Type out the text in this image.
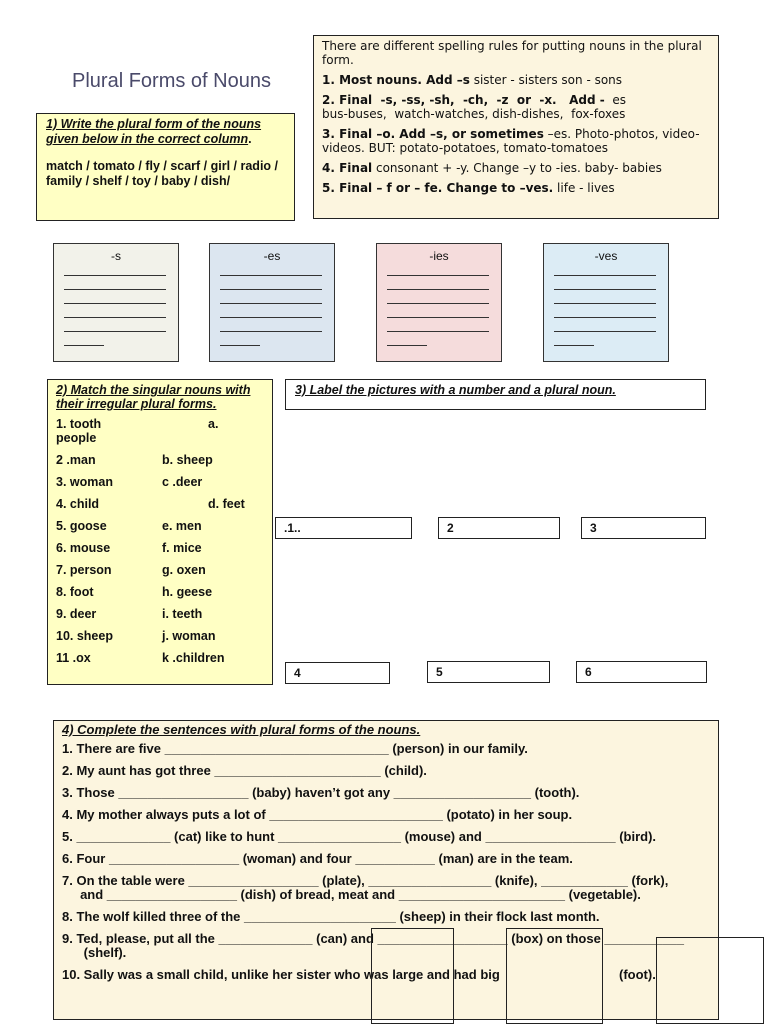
Plural Forms of Nouns

There are different spelling rules for putting nouns in the plural form.

1. Most nouns. Add –s sister - sisters son - sons

2. Final  -s, -ss, -sh,  -ch,  -z  or  -x.   Add -  es
bus-buses,  watch-watches, dish-dishes,  fox-foxes

3. Final –o. Add –s, or sometimes –es. Photo-photos, video-videos. BUT: potato-potatoes, tomato-tomatoes

4. Final consonant + -y. Change –y to -ies. baby- babies

5. Final – f or – fe. Change to –ves. life - lives

1) Write the plural form of the nouns given below in the correct column.
match / tomato / fly / scarf / girl / radio / family / shelf / toy / baby / dish/
-s	-es	-ies	-ves
2) Match the singular nouns with their irregular plural forms.
1. tooth	a.
people
2 .man	b. sheep
3. woman	c .deer
4. child	d. feet
5. goose	e. men
6. mouse	f. mice
7. person	g. oxen
8. foot	h. geese
9. deer	i. teeth
10. sheep	j. woman
11 .ox	k .children
3) Label the pictures with a number and a plural noun.
.1..	2	3
4	5	6
4) Complete the sentences with plural forms of the nouns.
1. There are five _______________________________ (person) in our family.
2. My aunt has got three _______________________ (child).
3. Those __________________ (baby) haven’t got any ___________________ (tooth).
4. My mother always puts a lot of ________________________ (potato) in her soup.
5. _____________ (cat) like to hunt _________________ (mouse) and __________________ (bird).
6. Four __________________ (woman) and four ___________ (man) are in the team.
7. On the table were __________________ (plate), _________________ (knife), ____________ (fork),
and __________________ (dish) of bread, meat and _______________________ (vegetable).
8. The wolf killed three of the _____________________ (sheep) in their flock last month.
9. Ted, please, put all the _____________ (can) and __________________ (box) on those ___________
(shelf).
10. Sally was a small child, unlike her sister who was large and had big                                 (foot).
